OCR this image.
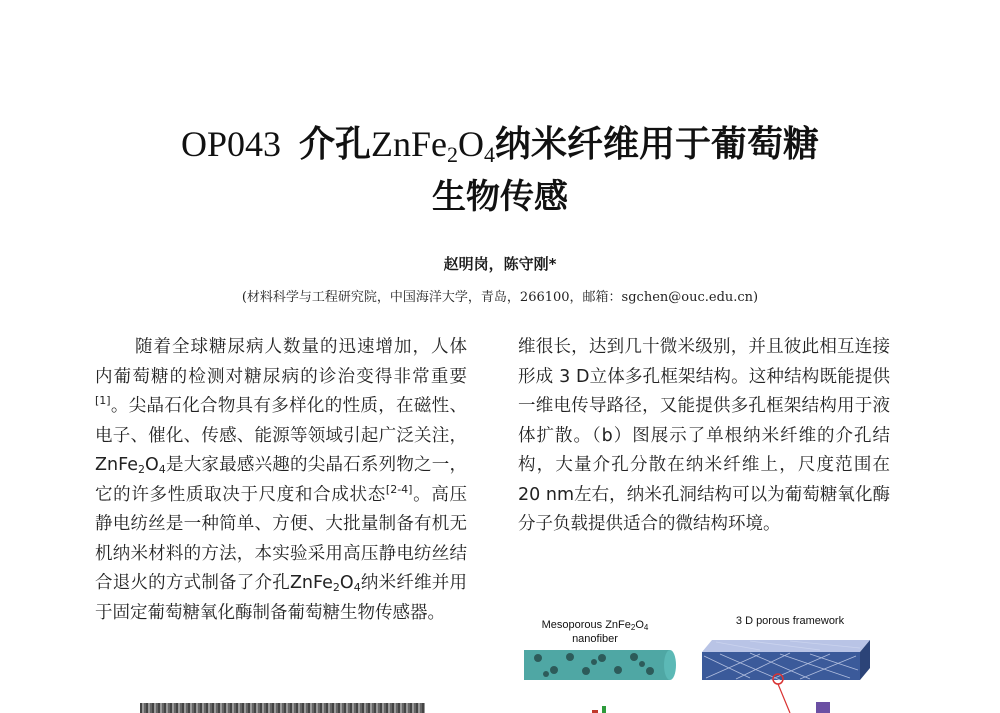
OP043 介孔$ZnFe_2O_4$纳米纤维用于葡萄糖
生物传感
赵明岗，陈守刚*
(材料科学与工程研究院，中国海洋大学，青岛，266100，邮箱：sgchen@ouc.edu.cn)

随着全球糖尿病人数量的迅速增加，人体内葡萄糖的检测对糖尿病的诊治变得非常重要[1]。尖晶石化合物具有多样化的性质，在磁性、电子、催化、传感、能源等领域引起广泛关注，$ZnFe_2O_4$是大家最感兴趣的尖晶石系列物之一，它的许多性质取决于尺度和合成状态[2-4]。高压静电纺丝是一种简单、方便、大批量制备有机无机纳米材料的方法，本实验采用高压静电纺丝结合退火的方式制备了介孔$ZnFe_2O_4$纳米纤维并用于固定葡萄糖氧化酶制备葡萄糖生物传感器。

维很长，达到几十微米级别，并且彼此相互连接形成 3 D立体多孔框架结构。这种结构既能提供一维电传导路径，又能提供多孔框架结构用于液体扩散。（b）图展示了单根纳米纤维的介孔结构，大量介孔分散在纳米纤维上，尺度范围在 20 nm左右，纳米孔洞结构可以为葡萄糖氧化酶分子负载提供适合的微结构环境。

Mesoporous $ZnFe_2O_4$
nanofiber
3 D porous framework
